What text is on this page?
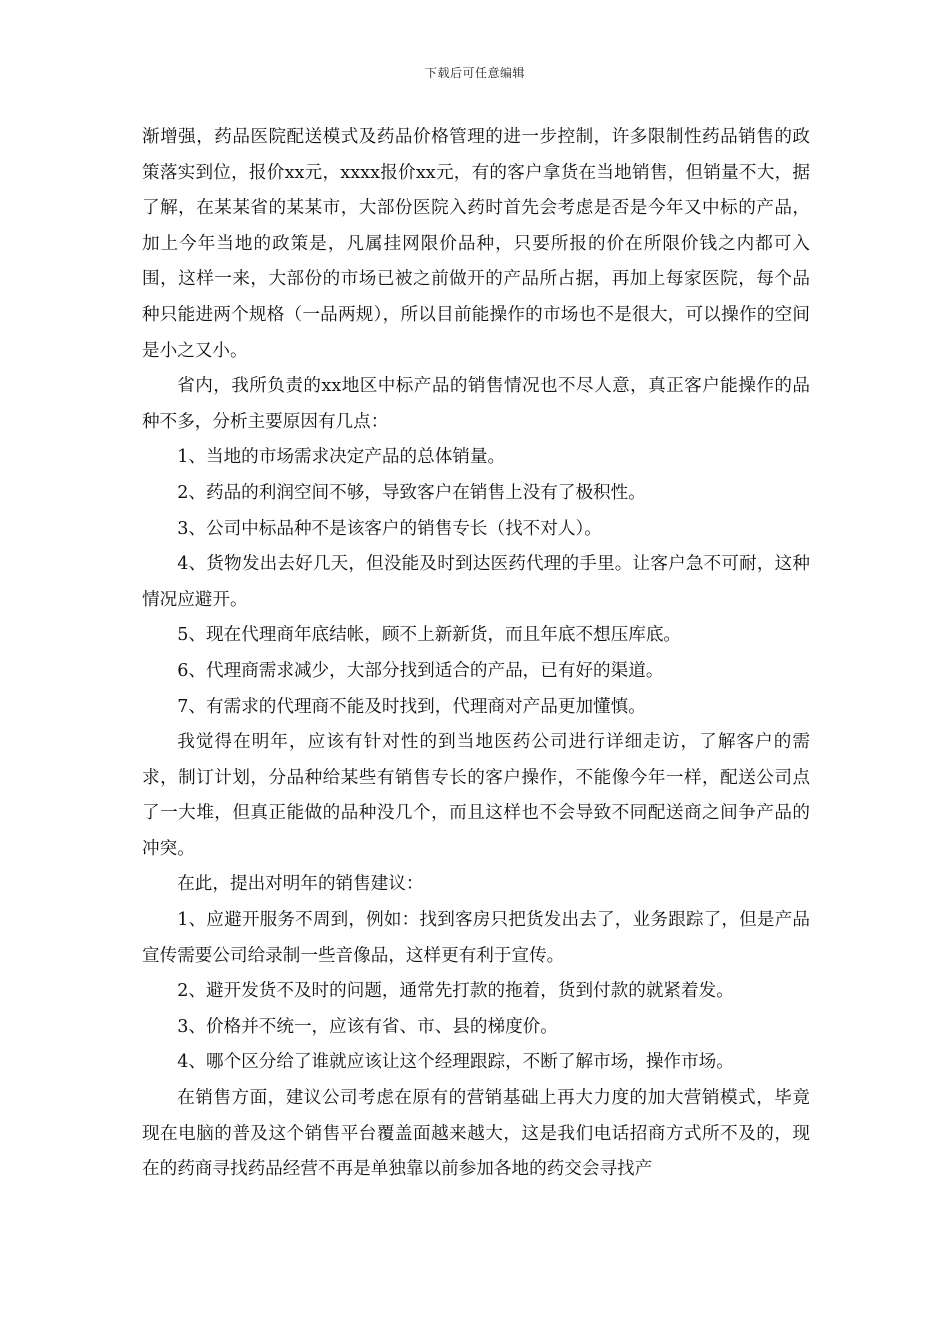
下载后可任意编辑

渐增强，药品医院配送模式及药品价格管理的进一步控制，许多限制性药品销售的政策落实到位，报价xx元，xxxx报价xx元，有的客户拿货在当地销售，但销量不大，据了解，在某某省的某某市，大部份医院入药时首先会考虑是否是今年又中标的产品，加上今年当地的政策是，凡属挂网限价品种，只要所报的价在所限价钱之内都可入围，这样一来，大部份的市场已被之前做开的产品所占据，再加上每家医院，每个品种只能进两个规格（一品两规），所以目前能操作的市场也不是很大，可以操作的空间是小之又小。

省内，我所负责的xx地区中标产品的销售情况也不尽人意，真正客户能操作的品种不多，分析主要原因有几点：

1、当地的市场需求决定产品的总体销量。

2、药品的利润空间不够，导致客户在销售上没有了极积性。

3、公司中标品种不是该客户的销售专长（找不对人）。

4、货物发出去好几天，但没能及时到达医药代理的手里。让客户急不可耐，这种情况应避开。

5、现在代理商年底结帐，顾不上新新货，而且年底不想压库底。

6、代理商需求减少，大部分找到适合的产品，已有好的渠道。

7、有需求的代理商不能及时找到，代理商对产品更加懂慎。

我觉得在明年，应该有针对性的到当地医药公司进行详细走访，了解客户的需求，制订计划，分品种给某些有销售专长的客户操作，不能像今年一样，配送公司点了一大堆，但真正能做的品种没几个，而且这样也不会导致不同配送商之间争产品的冲突。

在此，提出对明年的销售建议：

1、应避开服务不周到，例如：找到客房只把货发出去了，业务跟踪了，但是产品宣传需要公司给录制一些音像品，这样更有利于宣传。

2、避开发货不及时的问题，通常先打款的拖着，货到付款的就紧着发。

3、价格并不统一，应该有省、市、县的梯度价。

4、哪个区分给了谁就应该让这个经理跟踪，不断了解市场，操作市场。

在销售方面，建议公司考虑在原有的营销基础上再大力度的加大营销模式，毕竟现在电脑的普及这个销售平台覆盖面越来越大，这是我们电话招商方式所不及的，现在的药商寻找药品经营不再是单独靠以前参加各地的药交会寻找产
